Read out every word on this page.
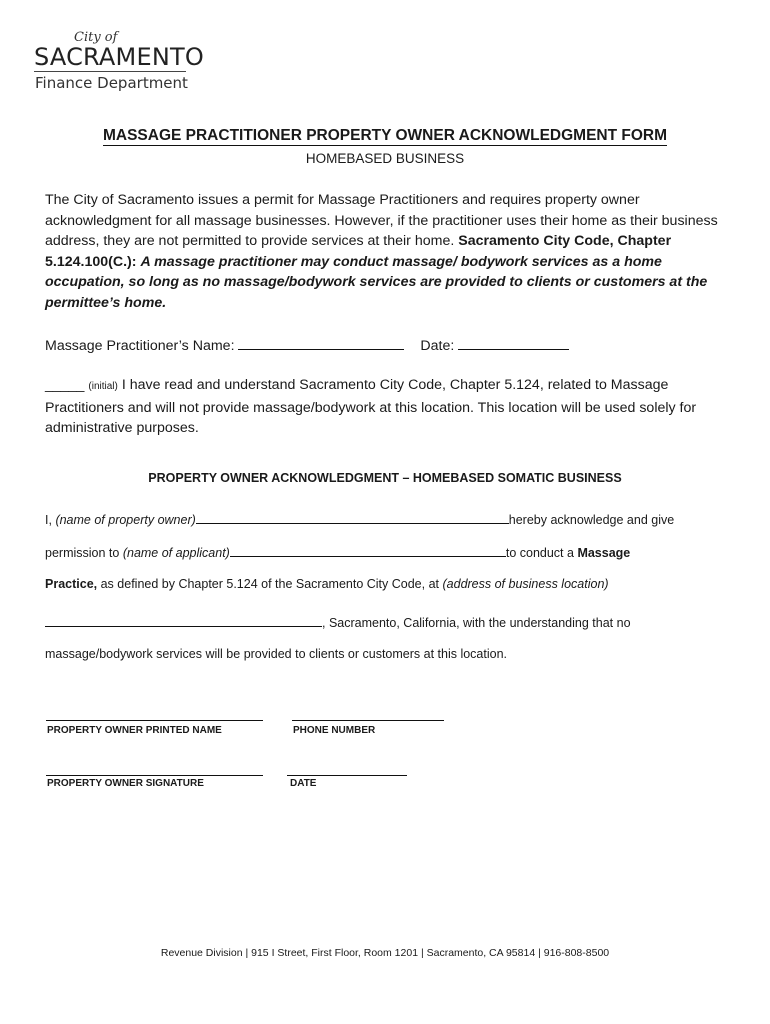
City of
SACRAMENTO
Finance Department
MASSAGE PRACTITIONER PROPERTY OWNER ACKNOWLEDGMENT FORM
HOMEBASED BUSINESS
The City of Sacramento issues a permit for Massage Practitioners and requires property owner acknowledgment for all massage businesses. However, if the practitioner uses their home as their business address, they are not permitted to provide services at their home. Sacramento City Code, Chapter 5.124.100(C.): A massage practitioner may conduct massage/ bodywork services as a home occupation, so long as no massage/bodywork services are provided to clients or customers at the permittee’s home.
Massage Practitioner’s Name:	Date:
_____ (initial) I have read and understand Sacramento City Code, Chapter 5.124, related to Massage Practitioners and will not provide massage/bodywork at this location. This location will be used solely for administrative purposes.
PROPERTY OWNER ACKNOWLEDGMENT – HOMEBASED SOMATIC BUSINESS
I, (name of property owner)	hereby acknowledge and give
permission to (name of applicant)	to conduct a Massage
Practice, as defined by Chapter 5.124 of the Sacramento City Code, at (address of business location)
, Sacramento, California, with the understanding that no
massage/bodywork services will be provided to clients or customers at this location.
PROPERTY OWNER PRINTED NAME	PHONE NUMBER
PROPERTY OWNER SIGNATURE	DATE
Revenue Division | 915 I Street, First Floor, Room 1201 | Sacramento, CA 95814 | 916-808-8500
